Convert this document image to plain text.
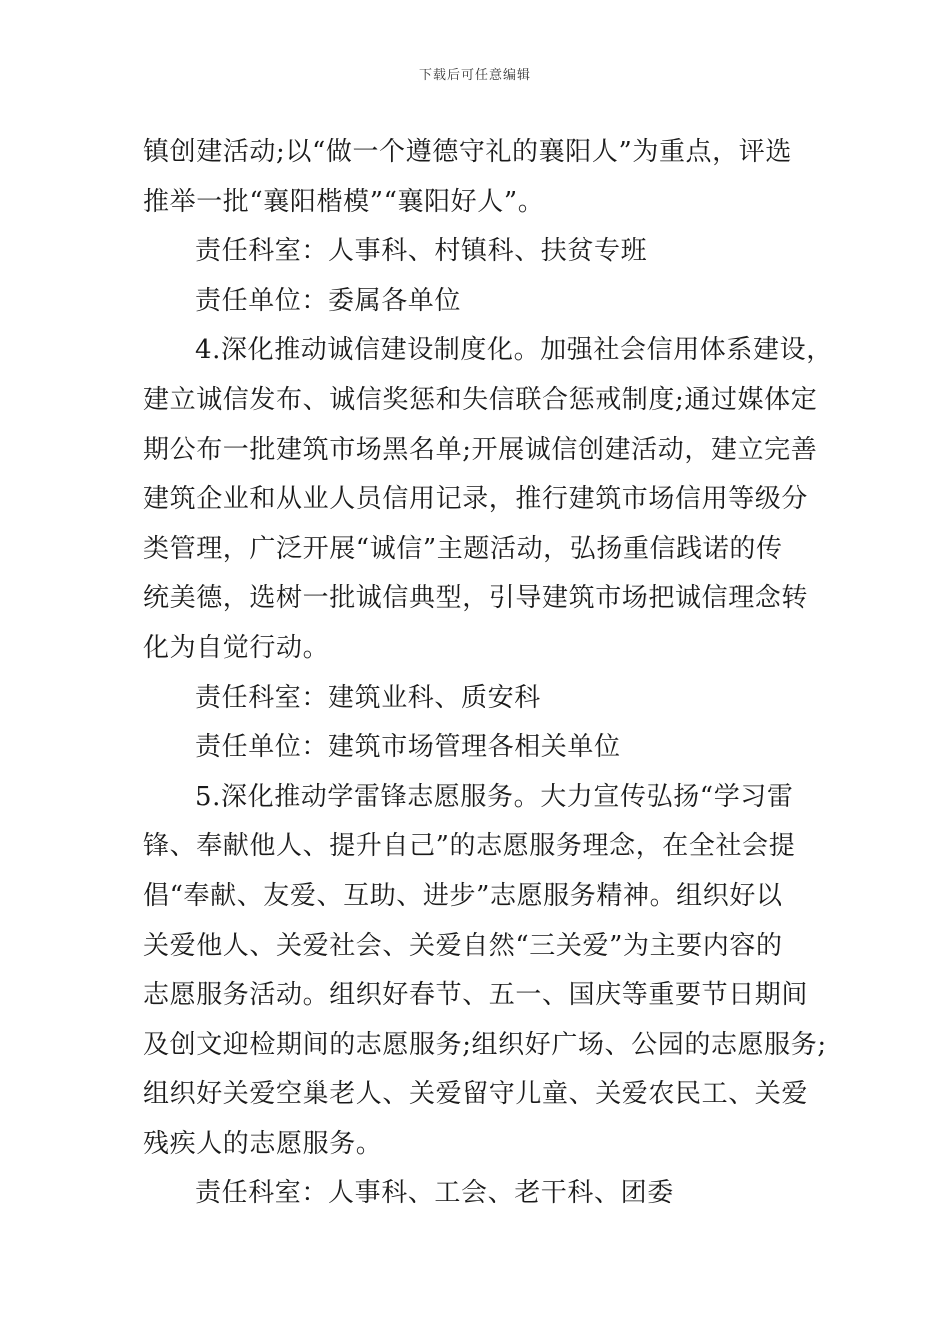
下载后可任意编辑
镇创建活动;以“做一个遵德守礼的襄阳人”为重点，评选
推举一批“襄阳楷模”“襄阳好人”。
责任科室：人事科、村镇科、扶贫专班
责任单位：委属各单位
4.深化推动诚信建设制度化。加强社会信用体系建设，
建立诚信发布、诚信奖惩和失信联合惩戒制度;通过媒体定
期公布一批建筑市场黑名单;开展诚信创建活动，建立完善
建筑企业和从业人员信用记录，推行建筑市场信用等级分
类管理，广泛开展“诚信”主题活动，弘扬重信践诺的传
统美德，选树一批诚信典型，引导建筑市场把诚信理念转
化为自觉行动。
责任科室：建筑业科、质安科
责任单位：建筑市场管理各相关单位
5.深化推动学雷锋志愿服务。大力宣传弘扬“学习雷
锋、奉献他人、提升自己”的志愿服务理念，在全社会提
倡“奉献、友爱、互助、进步”志愿服务精神。组织好以
关爱他人、关爱社会、关爱自然“三关爱”为主要内容的
志愿服务活动。组织好春节、五一、国庆等重要节日期间
及创文迎检期间的志愿服务;组织好广场、公园的志愿服务;
组织好关爱空巢老人、关爱留守儿童、关爱农民工、关爱
残疾人的志愿服务。
责任科室：人事科、工会、老干科、团委
